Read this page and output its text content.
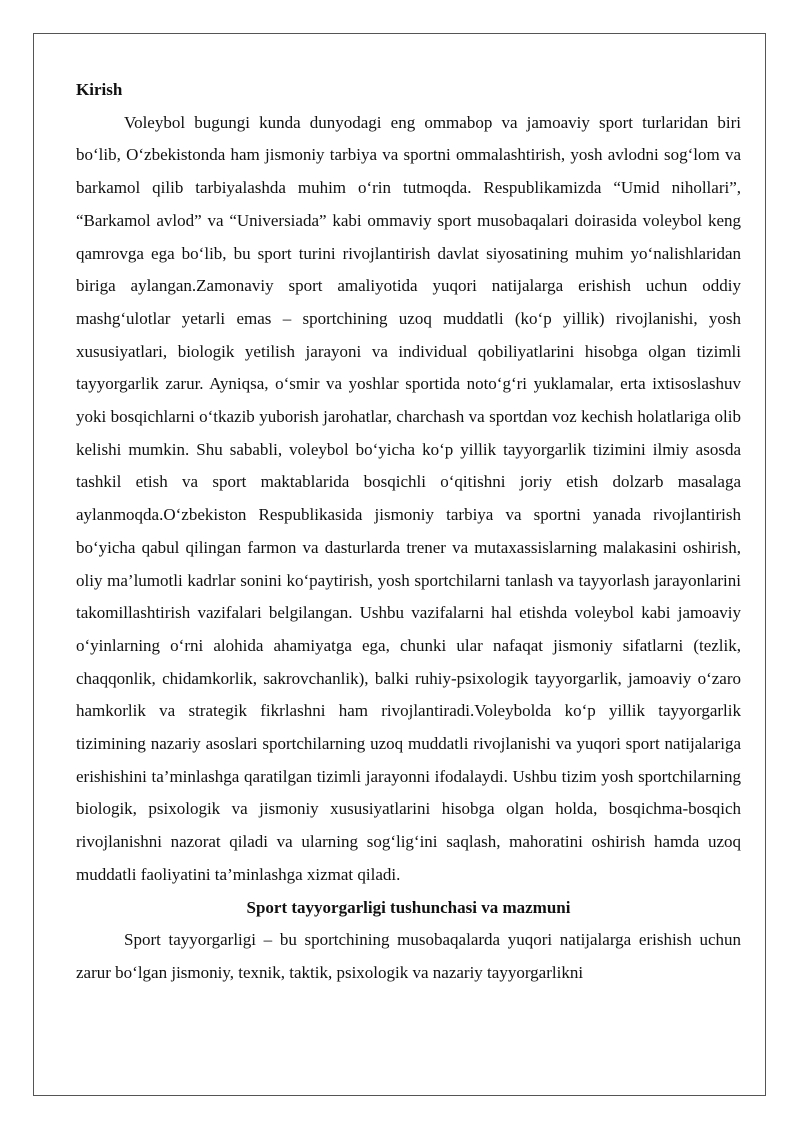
Kirish

Voleybol bugungi kunda dunyodagi eng ommabop va jamoaviy sport turlaridan biri bo‘lib, O‘zbekistonda ham jismoniy tarbiya va sportni ommalashtirish, yosh avlodni sog‘lom va barkamol qilib tarbiyalashda muhim o‘rin tutmoqda. Respublikamizda “Umid nihollari”, “Barkamol avlod” va “Universiada” kabi ommaviy sport musobaqalari doirasida voleybol keng qamrovga ega bo‘lib, bu sport turini rivojlantirish davlat siyosatining muhim yo‘nalishlaridan biriga aylangan.Zamonaviy sport amaliyotida yuqori natijalarga erishish uchun oddiy mashg‘ulotlar yetarli emas – sportchining uzoq muddatli (ko‘p yillik) rivojlanishi, yosh xususiyatlari, biologik yetilish jarayoni va individual qobiliyatlarini hisobga olgan tizimli tayyorgarlik zarur. Ayniqsa, o‘smir va yoshlar sportida noto‘g‘ri yuklamalar, erta ixtisoslashuv yoki bosqichlarni o‘tkazib yuborish jarohatlar, charchash va sportdan voz kechish holatlariga olib kelishi mumkin. Shu sababli, voleybol bo‘yicha ko‘p yillik tayyorgarlik tizimini ilmiy asosda tashkil etish va sport maktablarida bosqichli o‘qitishni joriy etish dolzarb masalaga aylanmoqda.O‘zbekiston Respublikasida jismoniy tarbiya va sportni yanada rivojlantirish bo‘yicha qabul qilingan farmon va dasturlarda trener va mutaxassislarning malakasini oshirish, oliy ma’lumotli kadrlar sonini ko‘paytirish, yosh sportchilarni tanlash va tayyorlash jarayonlarini takomillashtirish vazifalari belgilangan. Ushbu vazifalarni hal etishda voleybol kabi jamoaviy o‘yinlarning o‘rni alohida ahamiyatga ega, chunki ular nafaqat jismoniy sifatlarni (tezlik, chaqqonlik, chidamkorlik, sakrovchanlik), balki ruhiy-psixologik tayyorgarlik, jamoaviy o‘zaro hamkorlik va strategik fikrlashni ham rivojlantiradi.Voleybolda ko‘p yillik tayyorgarlik tizimining nazariy asoslari sportchilarning uzoq muddatli rivojlanishi va yuqori sport natijalariga erishishini ta’minlashga qaratilgan tizimli jarayonni ifodalaydi. Ushbu tizim yosh sportchilarning biologik, psixologik va jismoniy xususiyatlarini hisobga olgan holda, bosqichma-bosqich rivojlanishni nazorat qiladi va ularning sog‘lig‘ini saqlash, mahoratini oshirish hamda uzoq muddatli faoliyatini ta’minlashga xizmat qiladi.

Sport tayyorgarligi tushunchasi va mazmuni

Sport tayyorgarligi – bu sportchining musobaqalarda yuqori natijalarga erishish uchun zarur bo‘lgan jismoniy, texnik, taktik, psixologik va nazariy tayyorgarlikni
